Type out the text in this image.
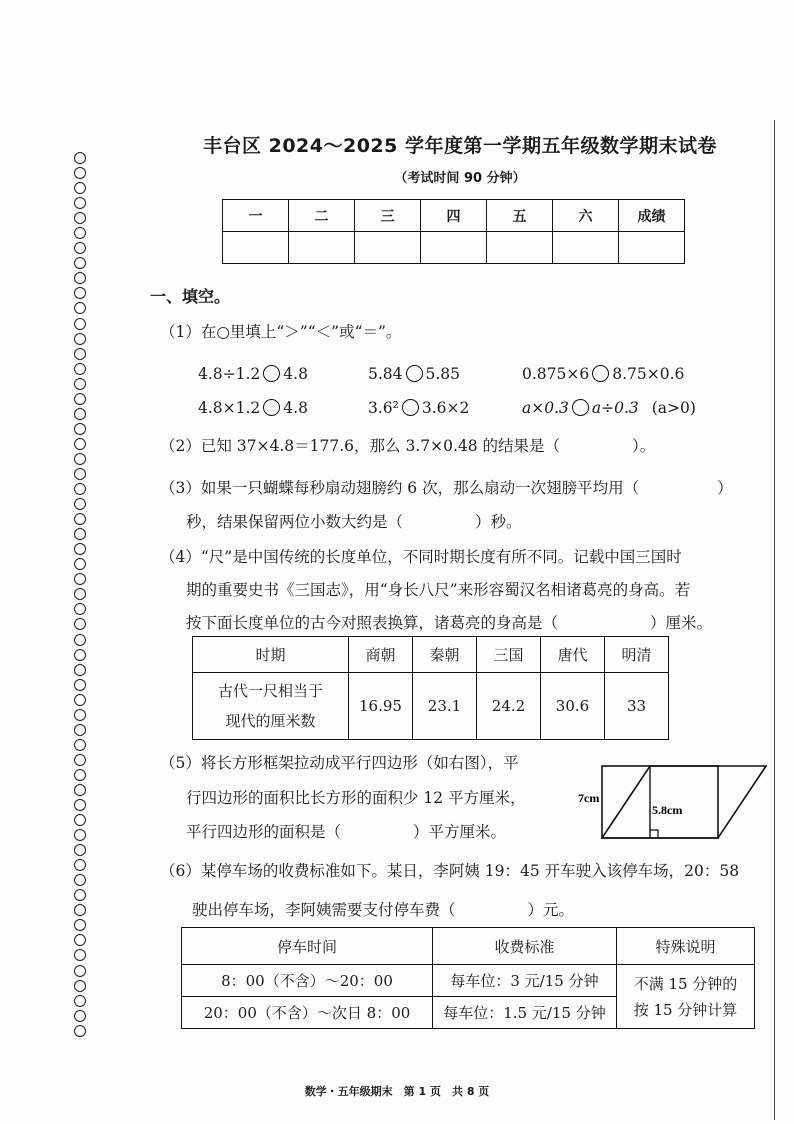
丰台区 2024～2025 学年度第一学期五年级数学期末试卷
（考试时间 90 分钟）
一	二	三	四	五	六	成绩

一、填空。
（1）在○里填上“＞”“＜”或“＝”。
4.8÷1.2 4.8	5.84 5.85	0.875×6 8.75×0.6
4.8×1.2 4.8	3.6² 3.6×2	a×0.3 a÷0.3 (a>0)
（2）已知 37×4.8＝177.6，那么 3.7×0.48 的结果是（	）。
（3）如果一只蝴蝶每秒扇动翅膀约 6 次，那么扇动一次翅膀平均用（	）
秒，结果保留两位小数大约是（	）秒。
（4）“尺”是中国传统的长度单位，不同时期长度有所不同。记载中国三国时
期的重要史书《三国志》，用“身长八尺”来形容蜀汉名相诸葛亮的身高。若
按下面长度单位的古今对照表换算，诸葛亮的身高是（	）厘米。
时期	商朝	秦朝	三国	唐代	明清

古代一尺相当于
现代的厘米数	16.95	23.1	24.2	30.6	33
（5）将长方形框架拉动成平行四边形（如右图），平
行四边形的面积比长方形的面积少 12 平方厘米，
平行四边形的面积是（	）平方厘米。
7cm
5.8cm
（6）某停车场的收费标准如下。某日，李阿姨 19：45 开车驶入该停车场，20：58
驶出停车场，李阿姨需要支付停车费（	）元。
停车时间	收费标准	特殊说明
8：00（不含）～20：00	每车位：3 元/15 分钟	不满 15 分钟的
按 15 分钟计算

20：00（不含）～次日 8：00	每车位：1.5 元/15 分钟	
数学・五年级期末　第 1 页　共 8 页
